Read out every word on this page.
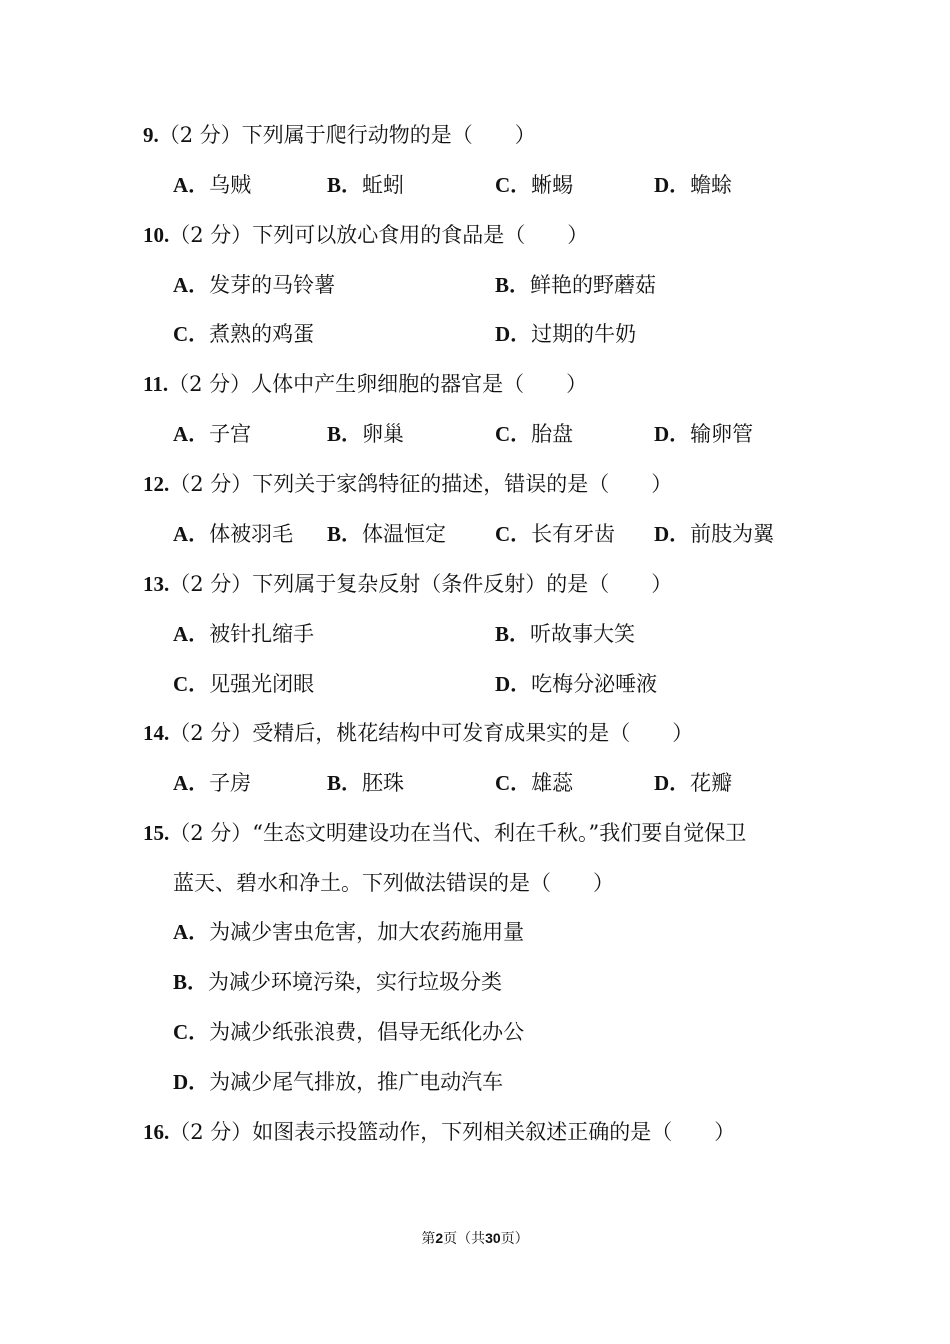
9.（2 分）下列属于爬行动物的是（　　）
A．乌贼	B．蚯蚓	C．蜥蜴	D．蟾蜍
10.（2 分）下列可以放心食用的食品是（　　）
A．发芽的马铃薯	B．鲜艳的野蘑菇
C．煮熟的鸡蛋	D．过期的牛奶
11.（2 分）人体中产生卵细胞的器官是（　　）
A．子宫	B．卵巢	C．胎盘	D．输卵管
12.（2 分）下列关于家鸽特征的描述，错误的是（　　）
A．体被羽毛 B．体温恒定 C．长有牙齿 D．前肢为翼
13.（2 分）下列属于复杂反射（条件反射）的是（　　）
A．被针扎缩手	B．听故事大笑
C．见强光闭眼	D．吃梅分泌唾液
14.（2 分）受精后，桃花结构中可发育成果实的是（　　）
A．子房	B．胚珠	C．雄蕊	D．花瓣
15.（2 分）“生态文明建设功在当代、利在千秋。”我们要自觉保卫
蓝天、碧水和净土。下列做法错误的是（　　）
A．为减少害虫危害，加大农药施用量
B．为减少环境污染，实行垃圾分类
C．为减少纸张浪费，倡导无纸化办公
D．为减少尾气排放，推广电动汽车
16.（2 分）如图表示投篮动作，下列相关叙述正确的是（　　）
第2页（共30页）
